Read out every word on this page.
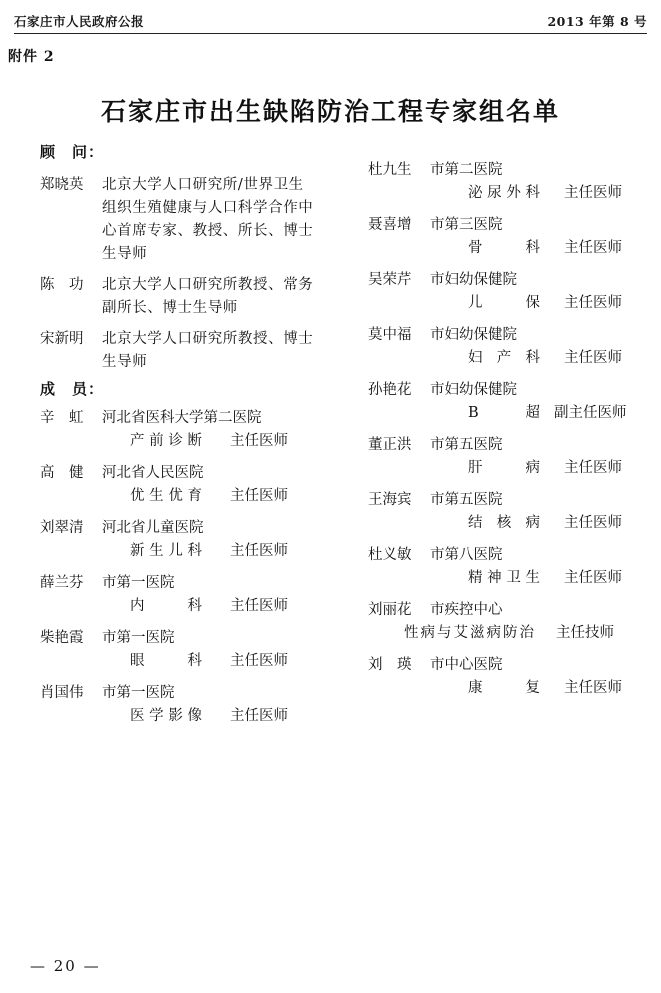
石家庄市人民政府公报	2013 年第 8 号
附件 2
石家庄市出生缺陷防治工程专家组名单
顾　问：
郑晓英	北京大学人口研究所/世界卫生组织生殖健康与人口科学合作中心首席专家、教授、所长、博士生导师
陈　功	北京大学人口研究所教授、常务副所长、博士生导师
宋新明	北京大学人口研究所教授、博士生导师
成　员：
辛　虹	河北省医科大学第二医院
产前诊断 主任医师
高　健	河北省人民医院
优生优育 主任医师
刘翠清	河北省儿童医院
新生儿科 主任医师
薛兰芬	市第一医院
内　科 主任医师
柴艳霞	市第一医院
眼　科 主任医师
肖国伟	市第一医院
医学影像 主任医师
杜九生	市第二医院
泌尿外科 主任医师
聂喜增	市第三医院
骨　科 主任医师
吴荣芹	市妇幼保健院
儿　保 主任医师
莫中福	市妇幼保健院
妇 产 科 主任医师
孙艳花	市妇幼保健院
B　超 副主任医师
董正洪	市第五医院
肝　病 主任医师
王海宾	市第五医院
结 核 病 主任医师
杜义敏	市第八医院
精神卫生 主任医师
刘丽花	市疾控中心
性病与艾滋病防治 主任技师
刘　瑛	市中心医院
康　复 主任医师
— 20 —
